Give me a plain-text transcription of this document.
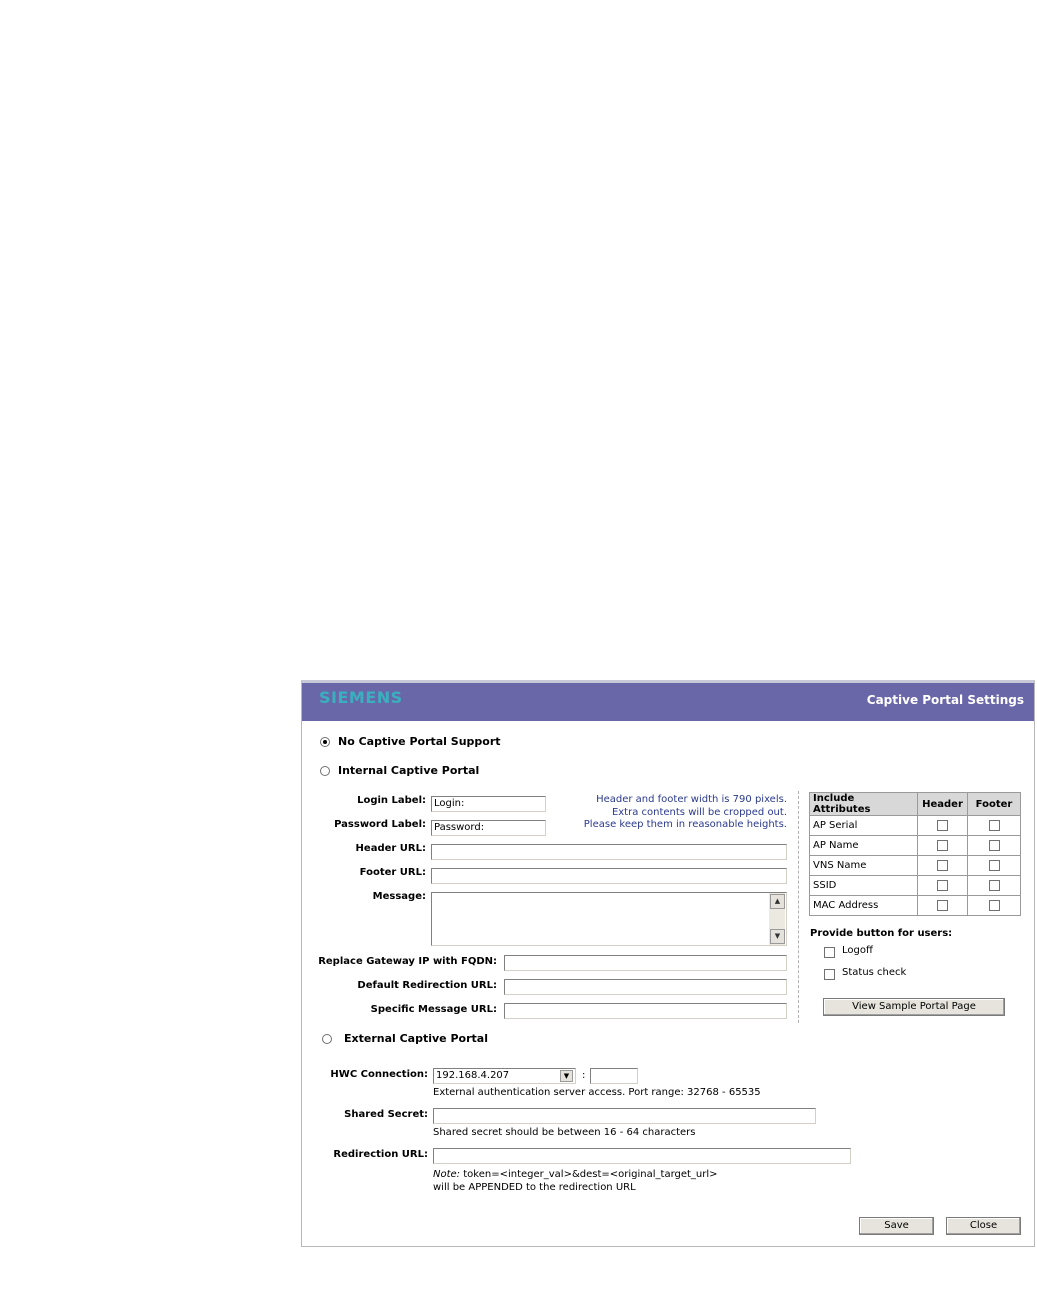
SIEMENS	Captive Portal Settings
No Captive Portal Support
Internal Captive Portal
Login Label: Login:
Password Label: Password:
Header and footer width is 790 pixels.
Extra contents will be cropped out.
Please keep them in reasonable heights.
Header URL:
Footer URL:
Message:	▲
▼
Replace Gateway IP with FQDN:
Default Redirection URL:
Specific Message URL:
Include Attributes	Header	Footer
AP Serial	

AP Name	

VNS Name	

SSID	

MAC Address	

Provide button for users:
Logoff
Status check
View Sample Portal Page
External Captive Portal
HWC Connection: 192.168.4.207	▼	:
External authentication server access. Port range: 32768 - 65535
Shared Secret:
Shared secret should be between 16 - 64 characters
Redirection URL:
Note: token=<integer_val>&dest=<original_target_url>
will be APPENDED to the redirection URL
Save	Close
